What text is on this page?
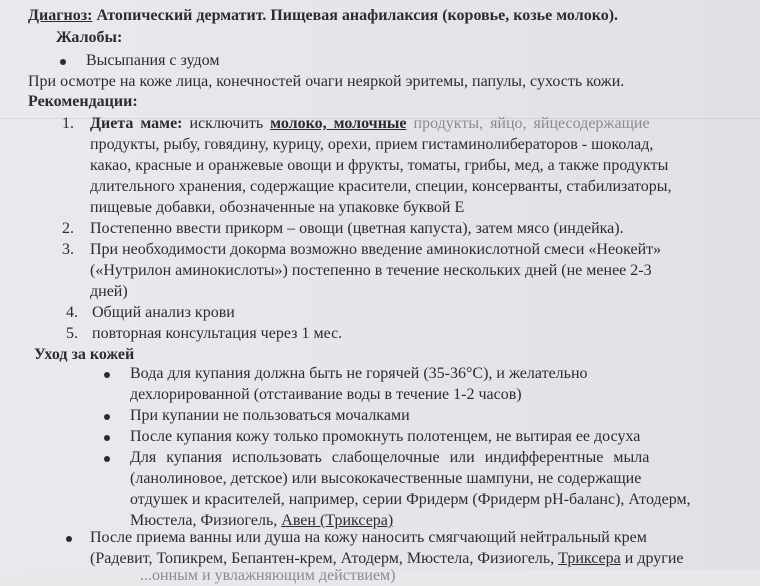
Диагноз: Атопический дерматит. Пищевая анафилаксия (коровье, козье молоко).
Жалобы:
Высыпания с зудом
При осмотре на коже лица, конечностей очаги неяркой эритемы, папулы, сухость кожи.
Рекомендации:
1. Диета маме: исключить молоко, молочные продукты, яйцо, яйцесодержащие
продукты, рыбу, говядину, курицу, орехи, прием гистаминолибераторов - шоколад,
какао, красные и оранжевые овощи и фрукты, томаты, грибы, мед, а также продукты
длительного хранения, содержащие красители, специи, консерванты, стабилизаторы,
пищевые добавки, обозначенные на упаковке буквой Е
2. Постепенно ввести прикорм – овощи (цветная капуста), затем мясо (индейка).
3. При необходимости докорма возможно введение аминокислотной смеси «Неокейт»
(«Нутрилон аминокислоты») постепенно в течение нескольких дней (не менее 2-3
дней)
4. Общий анализ крови
5. повторная консультация через 1 мес.
Уход за кожей
Вода для купания должна быть не горячей (35-36°С), и желательно
дехлорированной (отстаивание воды в течение 1-2 часов)
При купании не пользоваться мочалками
После купания кожу только промокнуть полотенцем, не вытирая ее досуха
Для купания использовать слабощелочные или индифферентные мыла
(ланолиновое, детское) или высококачественные шампуни, не содержащие
отдушек и красителей, например, серии Фридерм (Фридерм pH-баланс), Атодерм,
Мюстела, Физиогель, Авен (Триксера)
После приема ванны или душа на кожу наносить смягчающий нейтральный крем
(Радевит, Топикрем, Бепантен-крем, Атодерм, Мюстела, Физиогель, Триксера и другие
...онным и увлажняющим действием)
